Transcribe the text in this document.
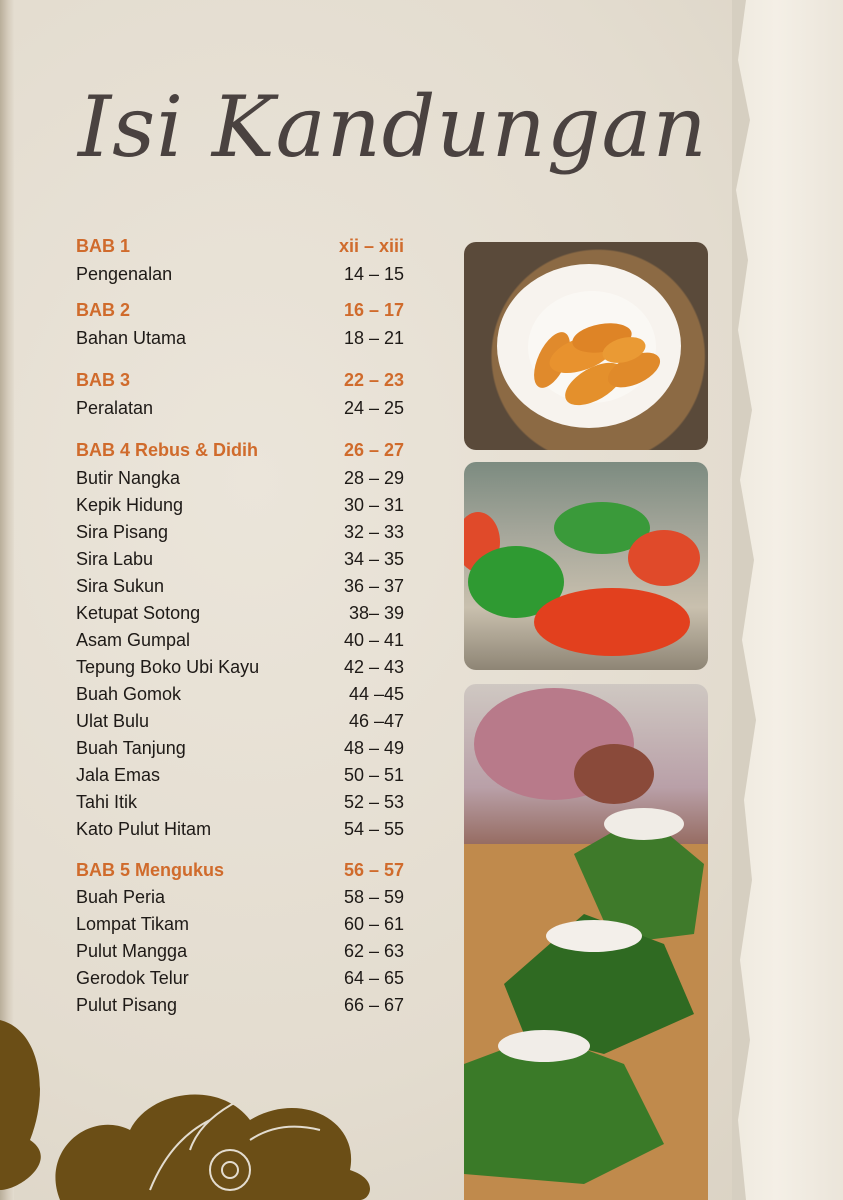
Isi Kandungan
BAB 1	xii – xiii
Pengenalan	14 – 15
BAB 2	16 – 17
Bahan Utama	18 – 21
BAB 3	22 – 23
Peralatan	24 – 25
BAB 4 Rebus & Didih	26 – 27
Butir Nangka	28 – 29
Kepik Hidung	30 – 31
Sira Pisang	32 – 33
Sira Labu	34 – 35
Sira Sukun	36 – 37
Ketupat Sotong	38– 39
Asam Gumpal	40 – 41
Tepung Boko Ubi Kayu	42 – 43
Buah Gomok	44 –45
Ulat Bulu	46 –47
Buah Tanjung	48 – 49
Jala Emas	50 – 51
Tahi Itik	52 – 53
Kato Pulut Hitam	54 – 55
BAB 5 Mengukus	56 – 57
Buah Peria	58 – 59
Lompat Tikam	60 – 61
Pulut Mangga	62 – 63
Gerodok Telur	64 – 65
Pulut Pisang	66 – 67
